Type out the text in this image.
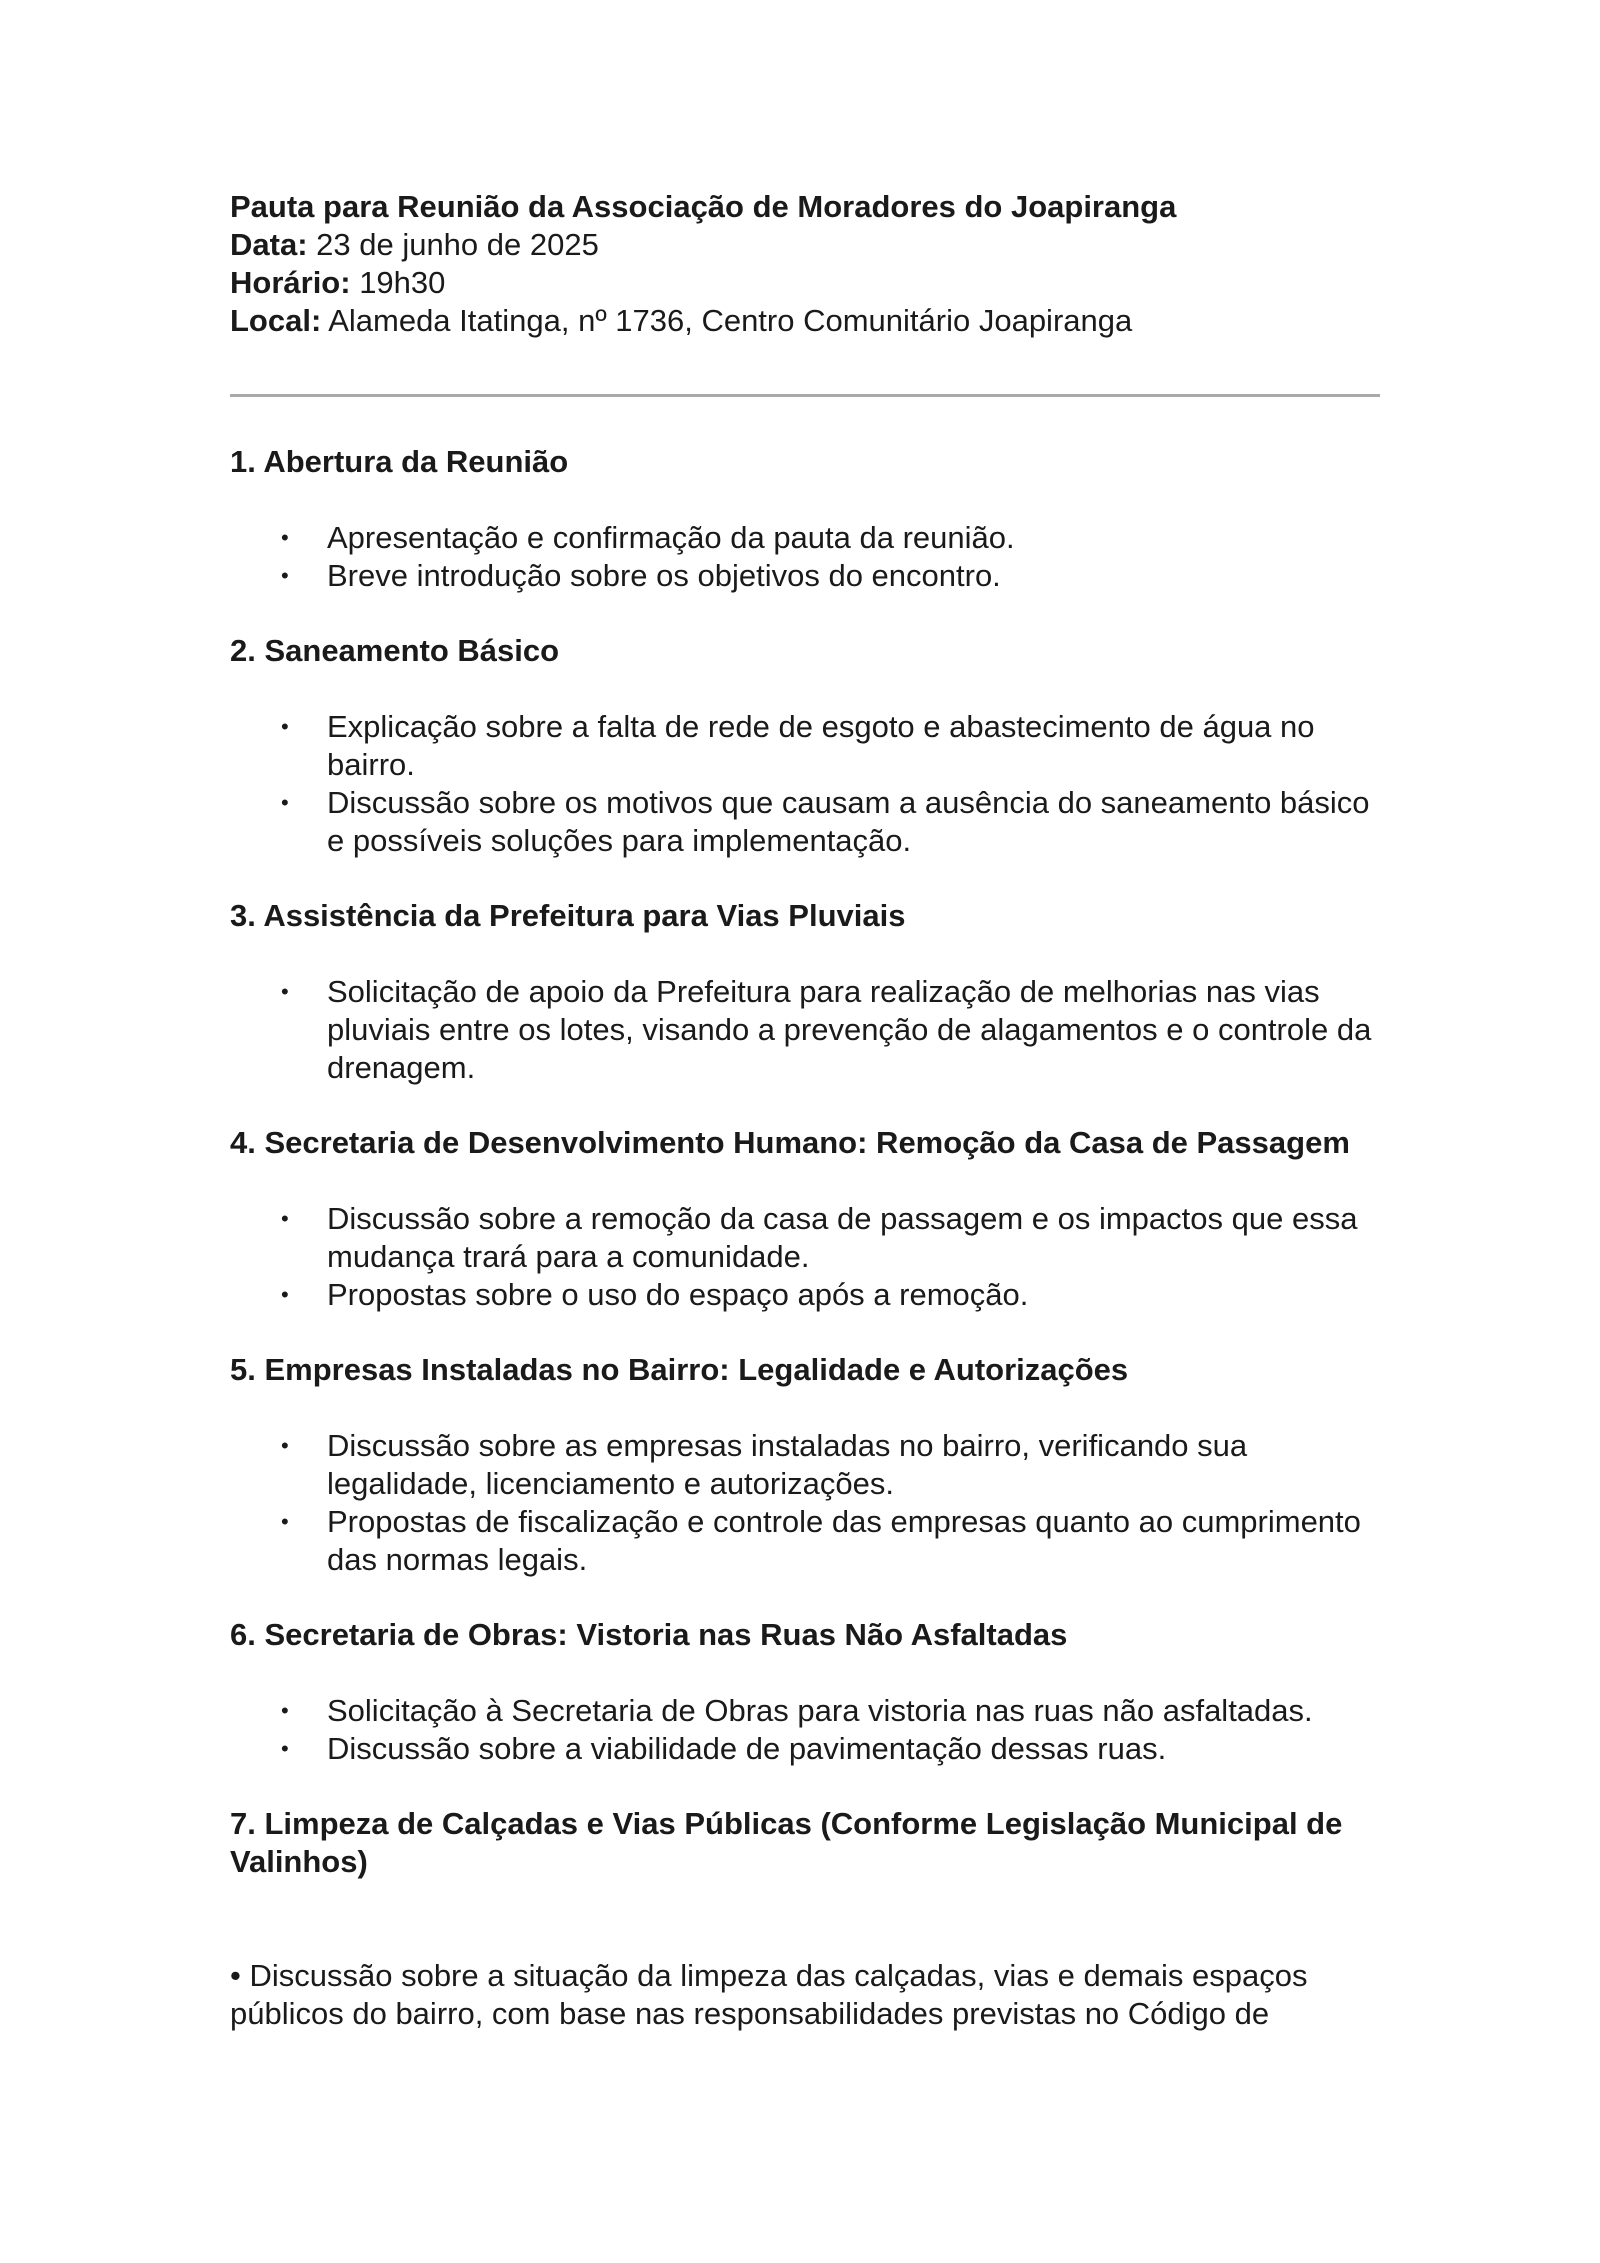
Pauta para Reunião da Associação de Moradores do Joapiranga

Data: 23 de junho de 2025

Horário: 19h30

Local: Alameda Itatinga, nº 1736, Centro Comunitário Joapiranga

1. Abertura da Reunião
• Apresentação e confirmação da pauta da reunião.
• Breve introdução sobre os objetivos do encontro.
2. Saneamento Básico
• Explicação sobre a falta de rede de esgoto e abastecimento de água no bairro.
• Discussão sobre os motivos que causam a ausência do saneamento básico e possíveis soluções para implementação.
3. Assistência da Prefeitura para Vias Pluviais
• Solicitação de apoio da Prefeitura para realização de melhorias nas vias pluviais entre os lotes, visando a prevenção de alagamentos e o controle da drenagem.
4. Secretaria de Desenvolvimento Humano: Remoção da Casa de Passagem
• Discussão sobre a remoção da casa de passagem e os impactos que essa mudança trará para a comunidade.
• Propostas sobre o uso do espaço após a remoção.
5. Empresas Instaladas no Bairro: Legalidade e Autorizações
• Discussão sobre as empresas instaladas no bairro, verificando sua legalidade, licenciamento e autorizações.
• Propostas de fiscalização e controle das empresas quanto ao cumprimento das normas legais.
6. Secretaria de Obras: Vistoria nas Ruas Não Asfaltadas
• Solicitação à Secretaria de Obras para vistoria nas ruas não asfaltadas.
• Discussão sobre a viabilidade de pavimentação dessas ruas.
7. Limpeza de Calçadas e Vias Públicas (Conforme Legislação Municipal de Valinhos)

• Discussão sobre a situação da limpeza das calçadas, vias e demais espaços públicos do bairro, com base nas responsabilidades previstas no Código de
